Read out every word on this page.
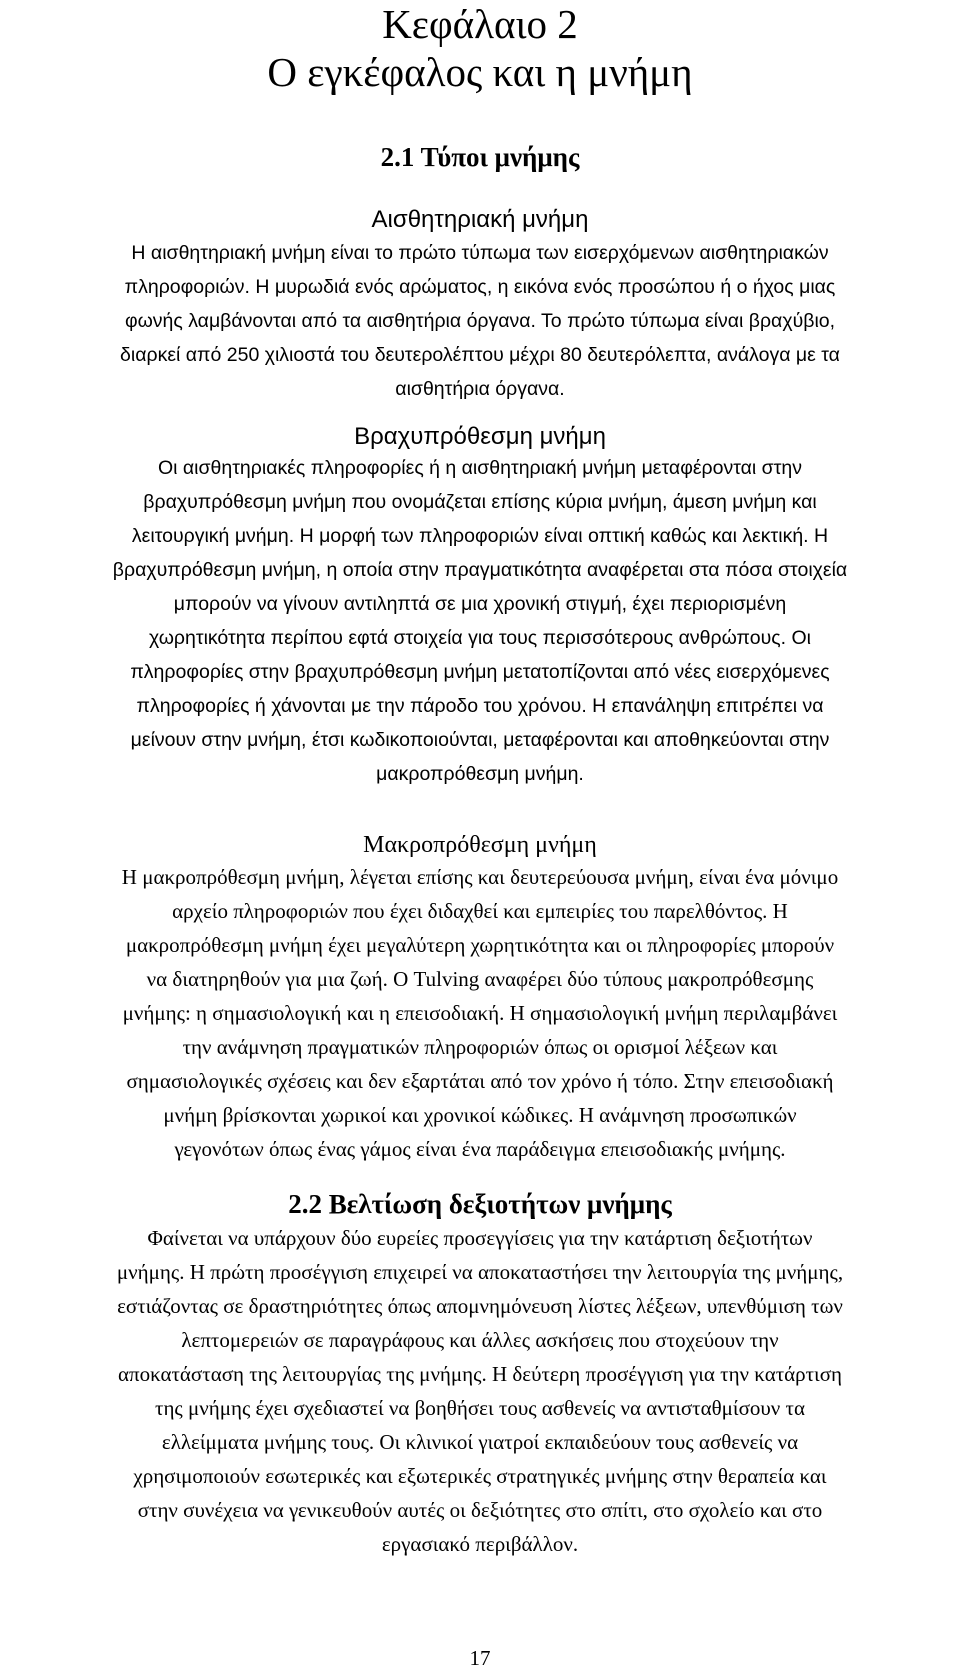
Κεφάλαιο 2
Ο εγκέφαλος και η μνήμη
2.1 Τύποι μνήμης
Αισθητηριακή μνήμη
Η αισθητηριακή μνήμη είναι το πρώτο τύπωμα των εισερχόμενων αισθητηριακών
πληροφοριών. Η μυρωδιά ενός αρώματος, η εικόνα ενός προσώπου ή ο ήχος μιας
φωνής λαμβάνονται από τα αισθητήρια όργανα. Το πρώτο τύπωμα είναι βραχύβιο,
διαρκεί από 250 χιλιοστά του δευτερολέπτου μέχρι 80 δευτερόλεπτα, ανάλογα με τα
αισθητήρια όργανα.
Βραχυπρόθεσμη μνήμη
Οι αισθητηριακές πληροφορίες ή η αισθητηριακή μνήμη μεταφέρονται στην
βραχυπρόθεσμη μνήμη που ονομάζεται επίσης κύρια μνήμη, άμεση μνήμη και
λειτουργική μνήμη. Η μορφή των πληροφοριών είναι οπτική καθώς και λεκτική. Η
βραχυπρόθεσμη μνήμη, η οποία στην πραγματικότητα αναφέρεται στα πόσα στοιχεία
μπορούν να γίνουν αντιληπτά σε μια χρονική στιγμή, έχει περιορισμένη
χωρητικότητα περίπου εφτά στοιχεία για τους περισσότερους ανθρώπους. Οι
πληροφορίες στην βραχυπρόθεσμη μνήμη μετατοπίζονται από νέες εισερχόμενες
πληροφορίες ή χάνονται με την πάροδο του χρόνου. Η επανάληψη επιτρέπει να
μείνουν στην μνήμη, έτσι κωδικοποιούνται, μεταφέρονται και αποθηκεύονται στην
μακροπρόθεσμη μνήμη.
Μακροπρόθεσμη μνήμη
Η μακροπρόθεσμη μνήμη, λέγεται επίσης και δευτερεύουσα μνήμη, είναι ένα μόνιμο
αρχείο πληροφοριών που έχει διδαχθεί και εμπειρίες του παρελθόντος. Η
μακροπρόθεσμη μνήμη έχει μεγαλύτερη χωρητικότητα και οι πληροφορίες μπορούν
να διατηρηθούν για μια ζωή. Ο Tulving αναφέρει δύο τύπους μακροπρόθεσμης
μνήμης: η σημασιολογική και η επεισοδιακή. Η σημασιολογική μνήμη περιλαμβάνει
την ανάμνηση πραγματικών πληροφοριών όπως οι ορισμοί λέξεων και
σημασιολογικές σχέσεις και δεν εξαρτάται από τον χρόνο ή τόπο. Στην επεισοδιακή
μνήμη βρίσκονται χωρικοί και χρονικοί κώδικες. Η ανάμνηση προσωπικών
γεγονότων όπως ένας γάμος είναι ένα παράδειγμα επεισοδιακής μνήμης.
2.2 Βελτίωση δεξιοτήτων μνήμης
Φαίνεται να υπάρχουν δύο ευρείες προσεγγίσεις για την κατάρτιση δεξιοτήτων
μνήμης. Η πρώτη προσέγγιση επιχειρεί να αποκαταστήσει την λειτουργία της μνήμης,
εστιάζοντας σε δραστηριότητες όπως απομνημόνευση λίστες λέξεων, υπενθύμιση των
λεπτομερειών σε παραγράφους και άλλες ασκήσεις που στοχεύουν την
αποκατάσταση της λειτουργίας της μνήμης. Η δεύτερη προσέγγιση για την κατάρτιση
της μνήμης έχει σχεδιαστεί να βοηθήσει τους ασθενείς να αντισταθμίσουν τα
ελλείμματα μνήμης τους. Οι κλινικοί γιατροί εκπαιδεύουν τους ασθενείς να
χρησιμοποιούν εσωτερικές και εξωτερικές στρατηγικές μνήμης στην θεραπεία και
στην συνέχεια να γενικευθούν αυτές οι δεξιότητες στο σπίτι, στο σχολείο και στο
εργασιακό περιβάλλον.
17
